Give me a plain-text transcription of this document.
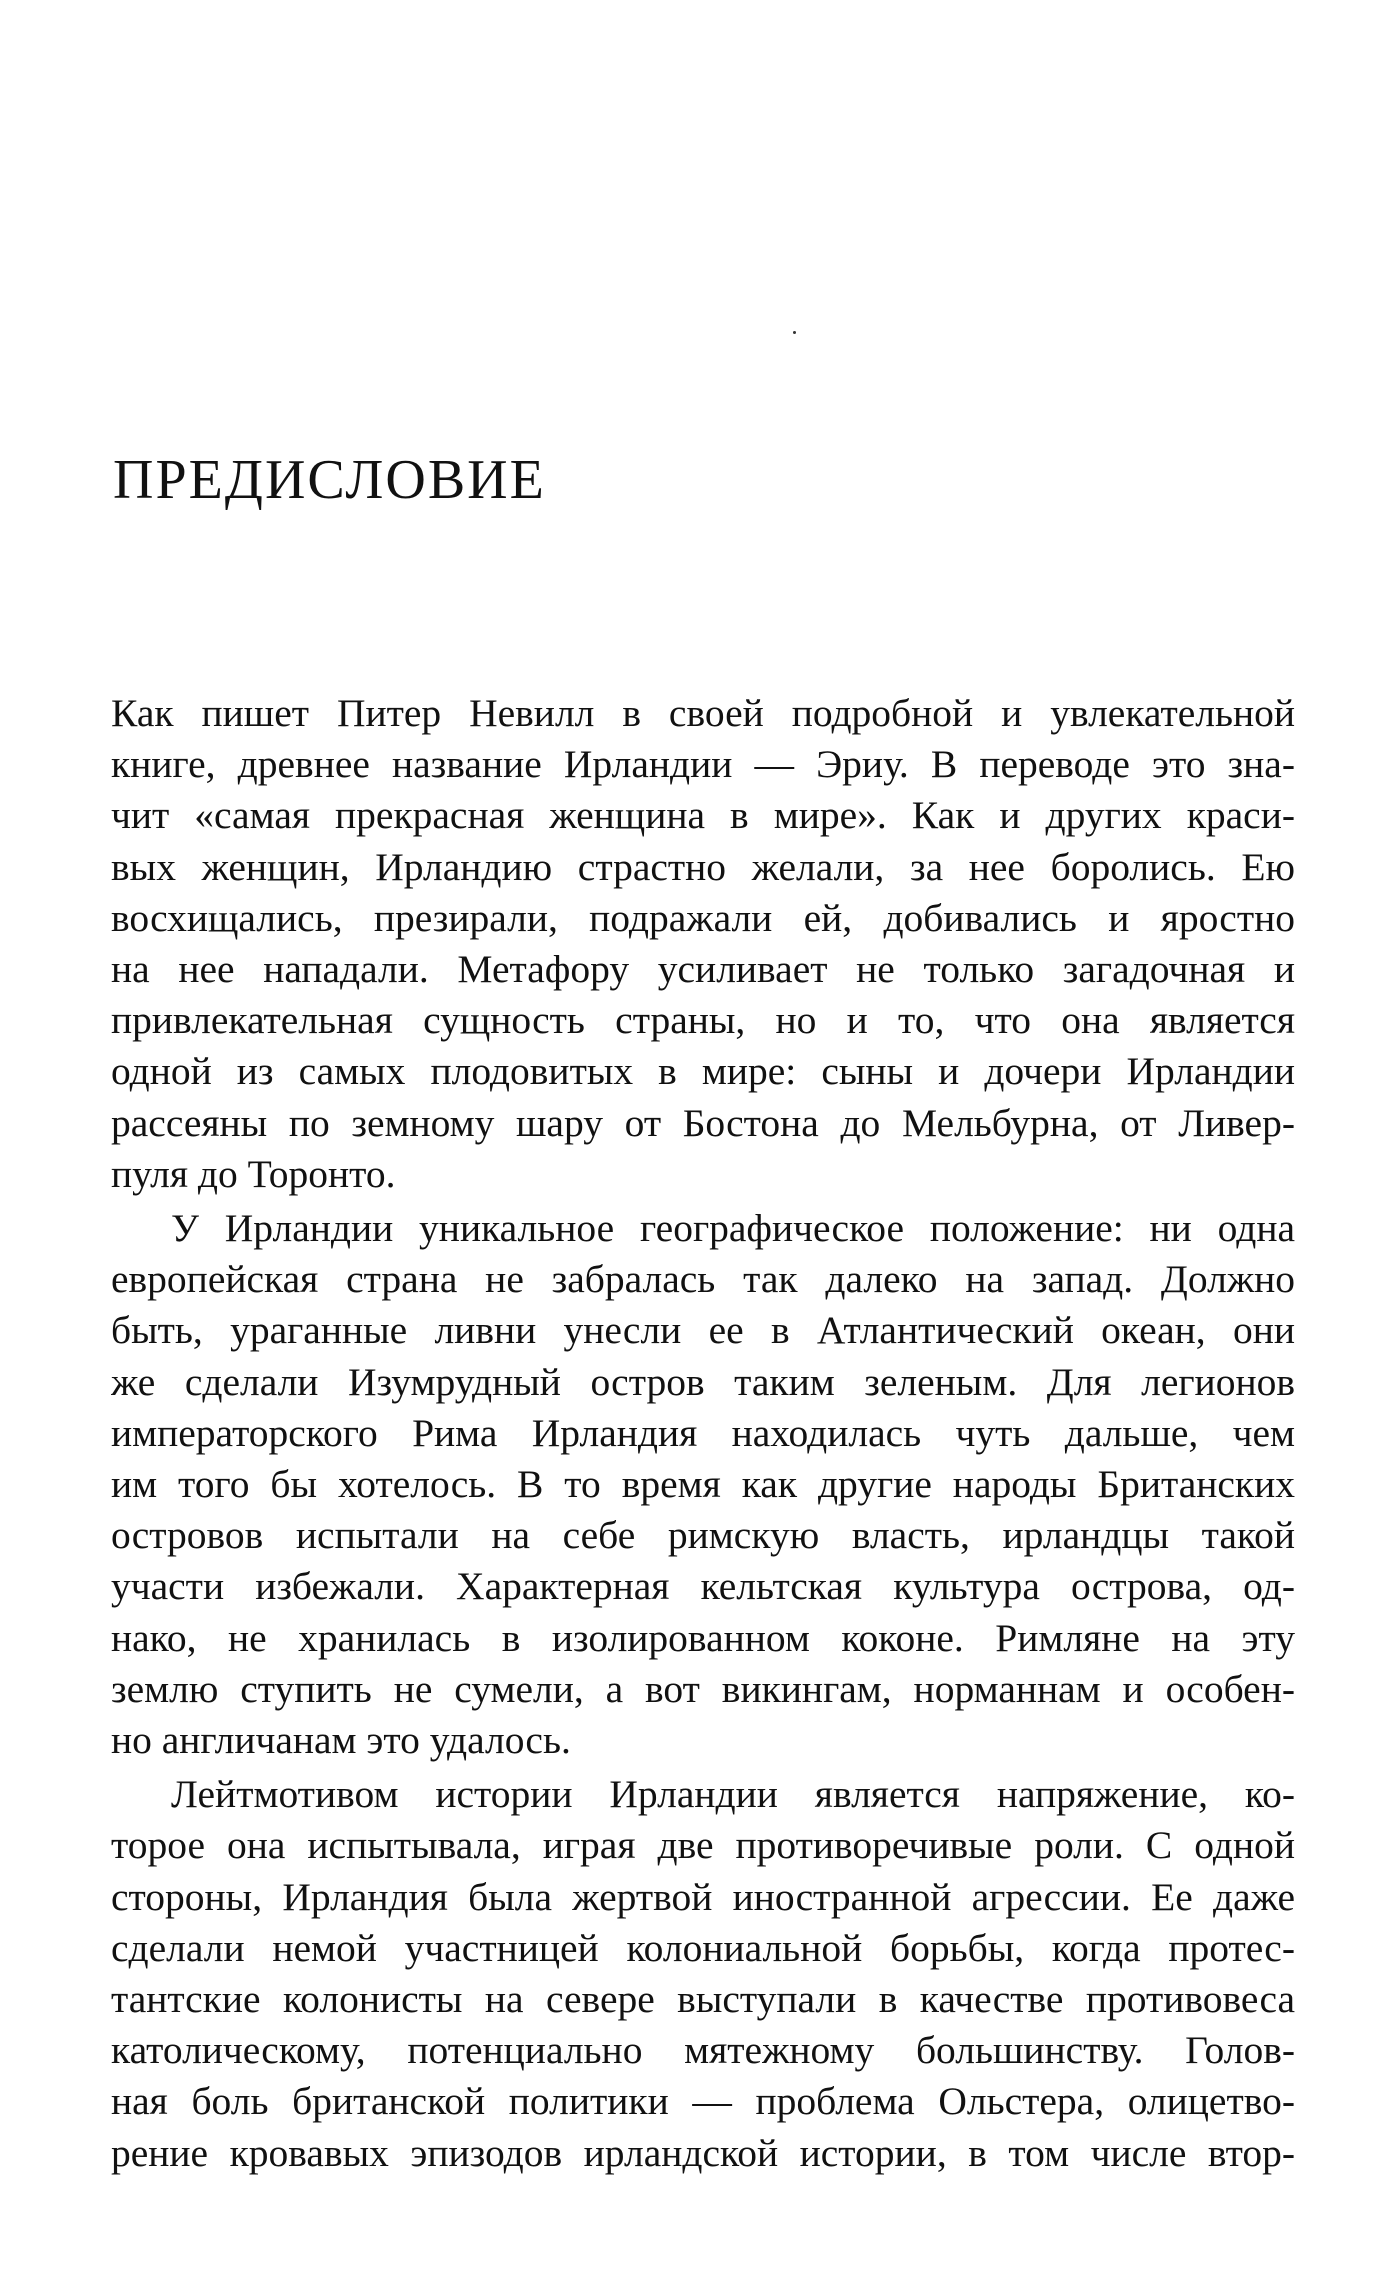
ПРЕДИСЛОВИЕ

Как пишет Питер Невилл в своей подробной и увлекательной
книге, древнее название Ирландии — Эриу. В переводе это зна-
чит «самая прекрасная женщина в мире». Как и других краси-
вых женщин, Ирландию страстно желали, за нее боролись. Ею
восхищались, презирали, подражали ей, добивались и яростно
на нее нападали. Метафору усиливает не только загадочная и
привлекательная сущность страны, но и то, что она является
одной из самых плодовитых в мире: сыны и дочери Ирландии
рассеяны по земному шару от Бостона до Мельбурна, от Ливер-
пуля до Торонто.

У Ирландии уникальное географическое положение: ни одна
европейская страна не забралась так далеко на запад. Должно
быть, ураганные ливни унесли ее в Атлантический океан, они
же сделали Изумрудный остров таким зеленым. Для легионов
императорского Рима Ирландия находилась чуть дальше, чем
им того бы хотелось. В то время как другие народы Британских
островов испытали на себе римскую власть, ирландцы такой
участи избежали. Характерная кельтская культура острова, од-
нако, не хранилась в изолированном коконе. Римляне на эту
землю ступить не сумели, а вот викингам, норманнам и особен-
но англичанам это удалось.

Лейтмотивом истории Ирландии является напряжение, ко-
торое она испытывала, играя две противоречивые роли. С одной
стороны, Ирландия была жертвой иностранной агрессии. Ее даже
сделали немой участницей колониальной борьбы, когда протес-
тантские колонисты на севере выступали в качестве противовеса
католическому, потенциально мятежному большинству. Голов-
ная боль британской политики — проблема Ольстера, олицетво-
рение кровавых эпизодов ирландской истории, в том числе втор-
